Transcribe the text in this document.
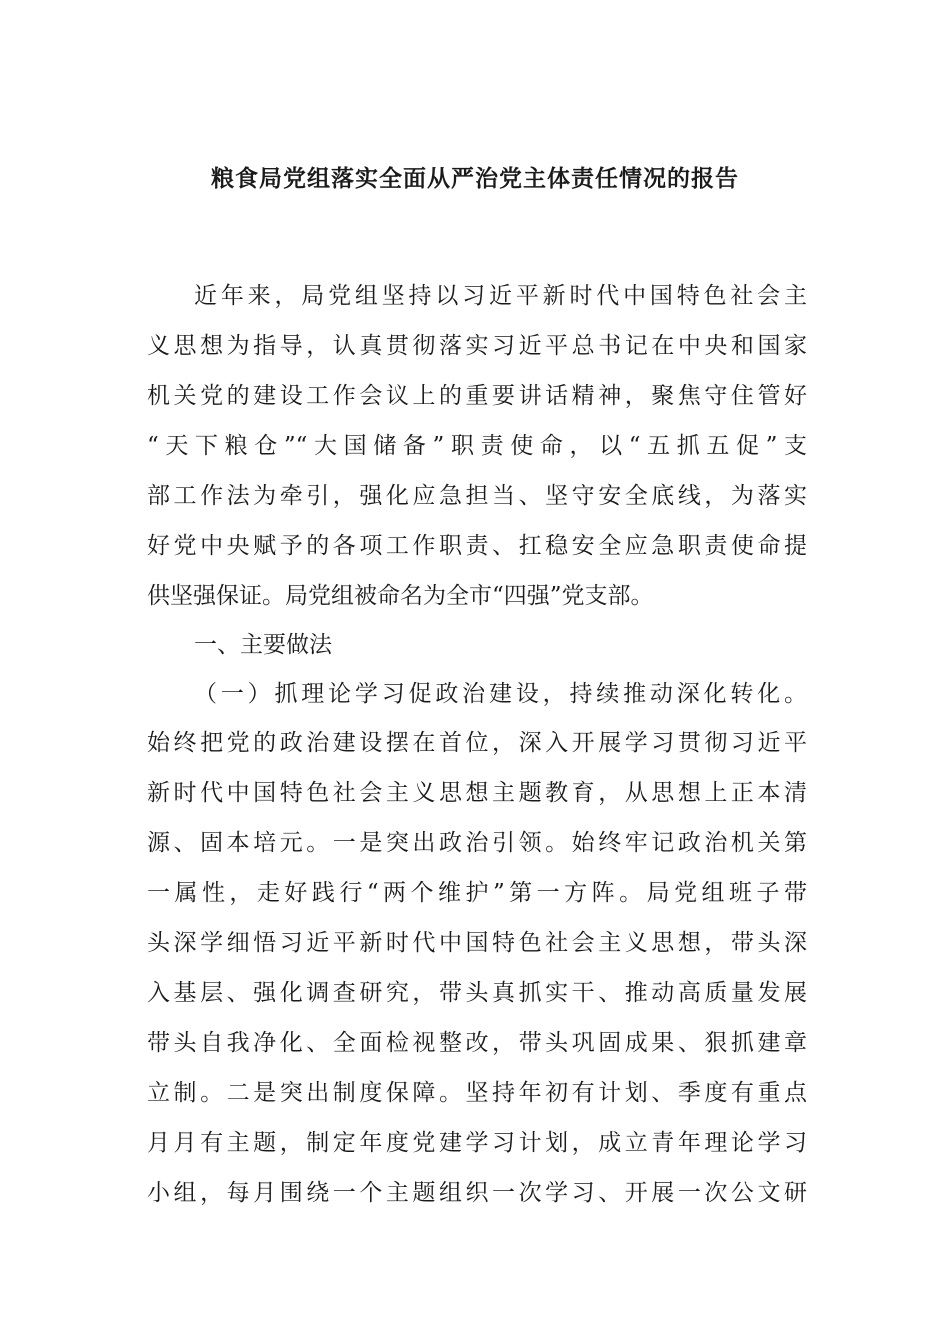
粮食局党组落实全面从严治党主体责任情况的报告
近年来，局党组坚持以习近平新时代中国特色社会主
义思想为指导，认真贯彻落实习近平总书记在中央和国家
机关党的建设工作会议上的重要讲话精神，聚焦守住管好
“天下粮仓”“大国储备”职责使命，以“五抓五促”支
部工作法为牵引，强化应急担当、坚守安全底线，为落实
好党中央赋予的各项工作职责、扛稳安全应急职责使命提
供坚强保证。局党组被命名为全市“四强”党支部。
一、主要做法
（一）抓理论学习促政治建设，持续推动深化转化。
始终把党的政治建设摆在首位，深入开展学习贯彻习近平
新时代中国特色社会主义思想主题教育，从思想上正本清
源、固本培元。一是突出政治引领。始终牢记政治机关第
一属性，走好践行“两个维护”第一方阵。局党组班子带
头深学细悟习近平新时代中国特色社会主义思想，带头深
入基层、强化调查研究，带头真抓实干、推动高质量发展
带头自我净化、全面检视整改，带头巩固成果、狠抓建章
立制。二是突出制度保障。坚持年初有计划、季度有重点
月月有主题，制定年度党建学习计划，成立青年理论学习
小组，每月围绕一个主题组织一次学习、开展一次公文研
